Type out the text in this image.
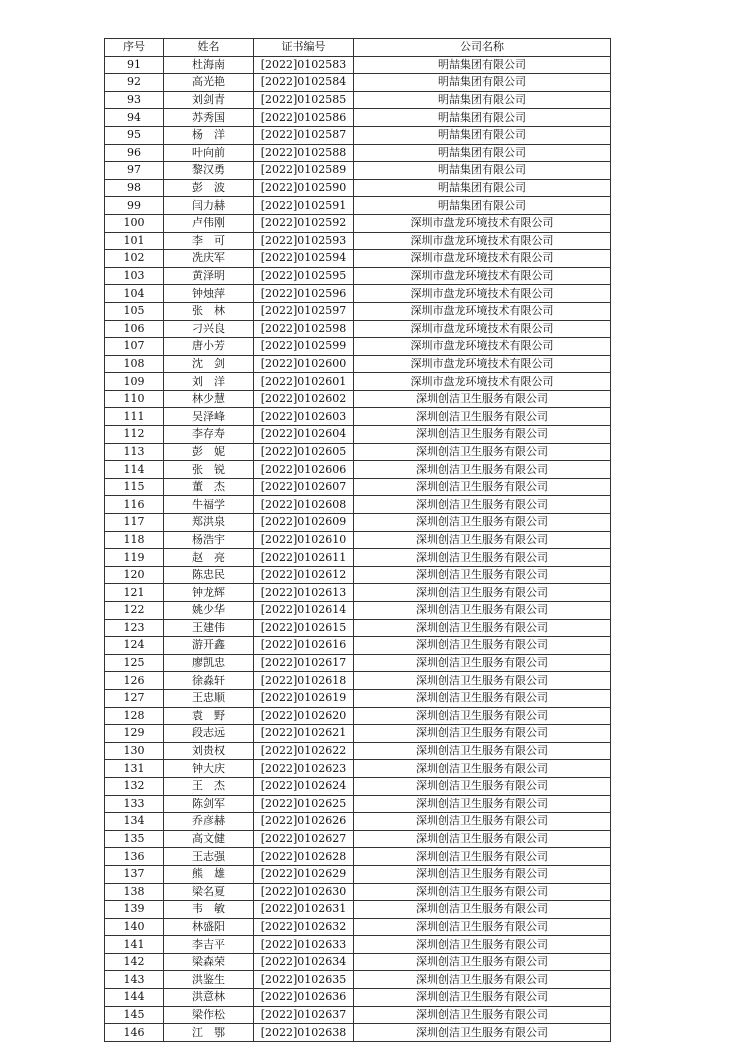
序号	姓名	证书编号	公司名称
91	杜海南	[2022]0102583	明喆集团有限公司
92	高光艳	[2022]0102584	明喆集团有限公司
93	刘剑青	[2022]0102585	明喆集团有限公司
94	苏秀国	[2022]0102586	明喆集团有限公司
95	杨　洋	[2022]0102587	明喆集团有限公司
96	叶向前	[2022]0102588	明喆集团有限公司
97	黎汉勇	[2022]0102589	明喆集团有限公司
98	彭　波	[2022]0102590	明喆集团有限公司
99	闫力赫	[2022]0102591	明喆集团有限公司
100	卢伟刚	[2022]0102592	深圳市盘龙环境技术有限公司
101	李　可	[2022]0102593	深圳市盘龙环境技术有限公司
102	冼庆军	[2022]0102594	深圳市盘龙环境技术有限公司
103	黄泽明	[2022]0102595	深圳市盘龙环境技术有限公司
104	钟烛萍	[2022]0102596	深圳市盘龙环境技术有限公司
105	张　林	[2022]0102597	深圳市盘龙环境技术有限公司
106	刁兴良	[2022]0102598	深圳市盘龙环境技术有限公司
107	唐小芳	[2022]0102599	深圳市盘龙环境技术有限公司
108	沈　剑	[2022]0102600	深圳市盘龙环境技术有限公司
109	刘　洋	[2022]0102601	深圳市盘龙环境技术有限公司
110	林少慧	[2022]0102602	深圳创洁卫生服务有限公司
111	吴泽峰	[2022]0102603	深圳创洁卫生服务有限公司
112	李存寿	[2022]0102604	深圳创洁卫生服务有限公司
113	彭　妮	[2022]0102605	深圳创洁卫生服务有限公司
114	张　锐	[2022]0102606	深圳创洁卫生服务有限公司
115	董　杰	[2022]0102607	深圳创洁卫生服务有限公司
116	牛福学	[2022]0102608	深圳创洁卫生服务有限公司
117	郑洪泉	[2022]0102609	深圳创洁卫生服务有限公司
118	杨浩宇	[2022]0102610	深圳创洁卫生服务有限公司
119	赵　亮	[2022]0102611	深圳创洁卫生服务有限公司
120	陈忠民	[2022]0102612	深圳创洁卫生服务有限公司
121	钟龙辉	[2022]0102613	深圳创洁卫生服务有限公司
122	姚少华	[2022]0102614	深圳创洁卫生服务有限公司
123	王建伟	[2022]0102615	深圳创洁卫生服务有限公司
124	游开鑫	[2022]0102616	深圳创洁卫生服务有限公司
125	廖凯忠	[2022]0102617	深圳创洁卫生服务有限公司
126	徐淼轩	[2022]0102618	深圳创洁卫生服务有限公司
127	王忠顺	[2022]0102619	深圳创洁卫生服务有限公司
128	袁　野	[2022]0102620	深圳创洁卫生服务有限公司
129	段志远	[2022]0102621	深圳创洁卫生服务有限公司
130	刘贵权	[2022]0102622	深圳创洁卫生服务有限公司
131	钟大庆	[2022]0102623	深圳创洁卫生服务有限公司
132	王　杰	[2022]0102624	深圳创洁卫生服务有限公司
133	陈剑军	[2022]0102625	深圳创洁卫生服务有限公司
134	乔彦赫	[2022]0102626	深圳创洁卫生服务有限公司
135	高文健	[2022]0102627	深圳创洁卫生服务有限公司
136	王志强	[2022]0102628	深圳创洁卫生服务有限公司
137	熊　雄	[2022]0102629	深圳创洁卫生服务有限公司
138	梁名夏	[2022]0102630	深圳创洁卫生服务有限公司
139	韦　敏	[2022]0102631	深圳创洁卫生服务有限公司
140	林盛阳	[2022]0102632	深圳创洁卫生服务有限公司
141	李吉平	[2022]0102633	深圳创洁卫生服务有限公司
142	梁森荣	[2022]0102634	深圳创洁卫生服务有限公司
143	洪鉴生	[2022]0102635	深圳创洁卫生服务有限公司
144	洪意林	[2022]0102636	深圳创洁卫生服务有限公司
145	梁作松	[2022]0102637	深圳创洁卫生服务有限公司
146	江　鄂	[2022]0102638	深圳创洁卫生服务有限公司
